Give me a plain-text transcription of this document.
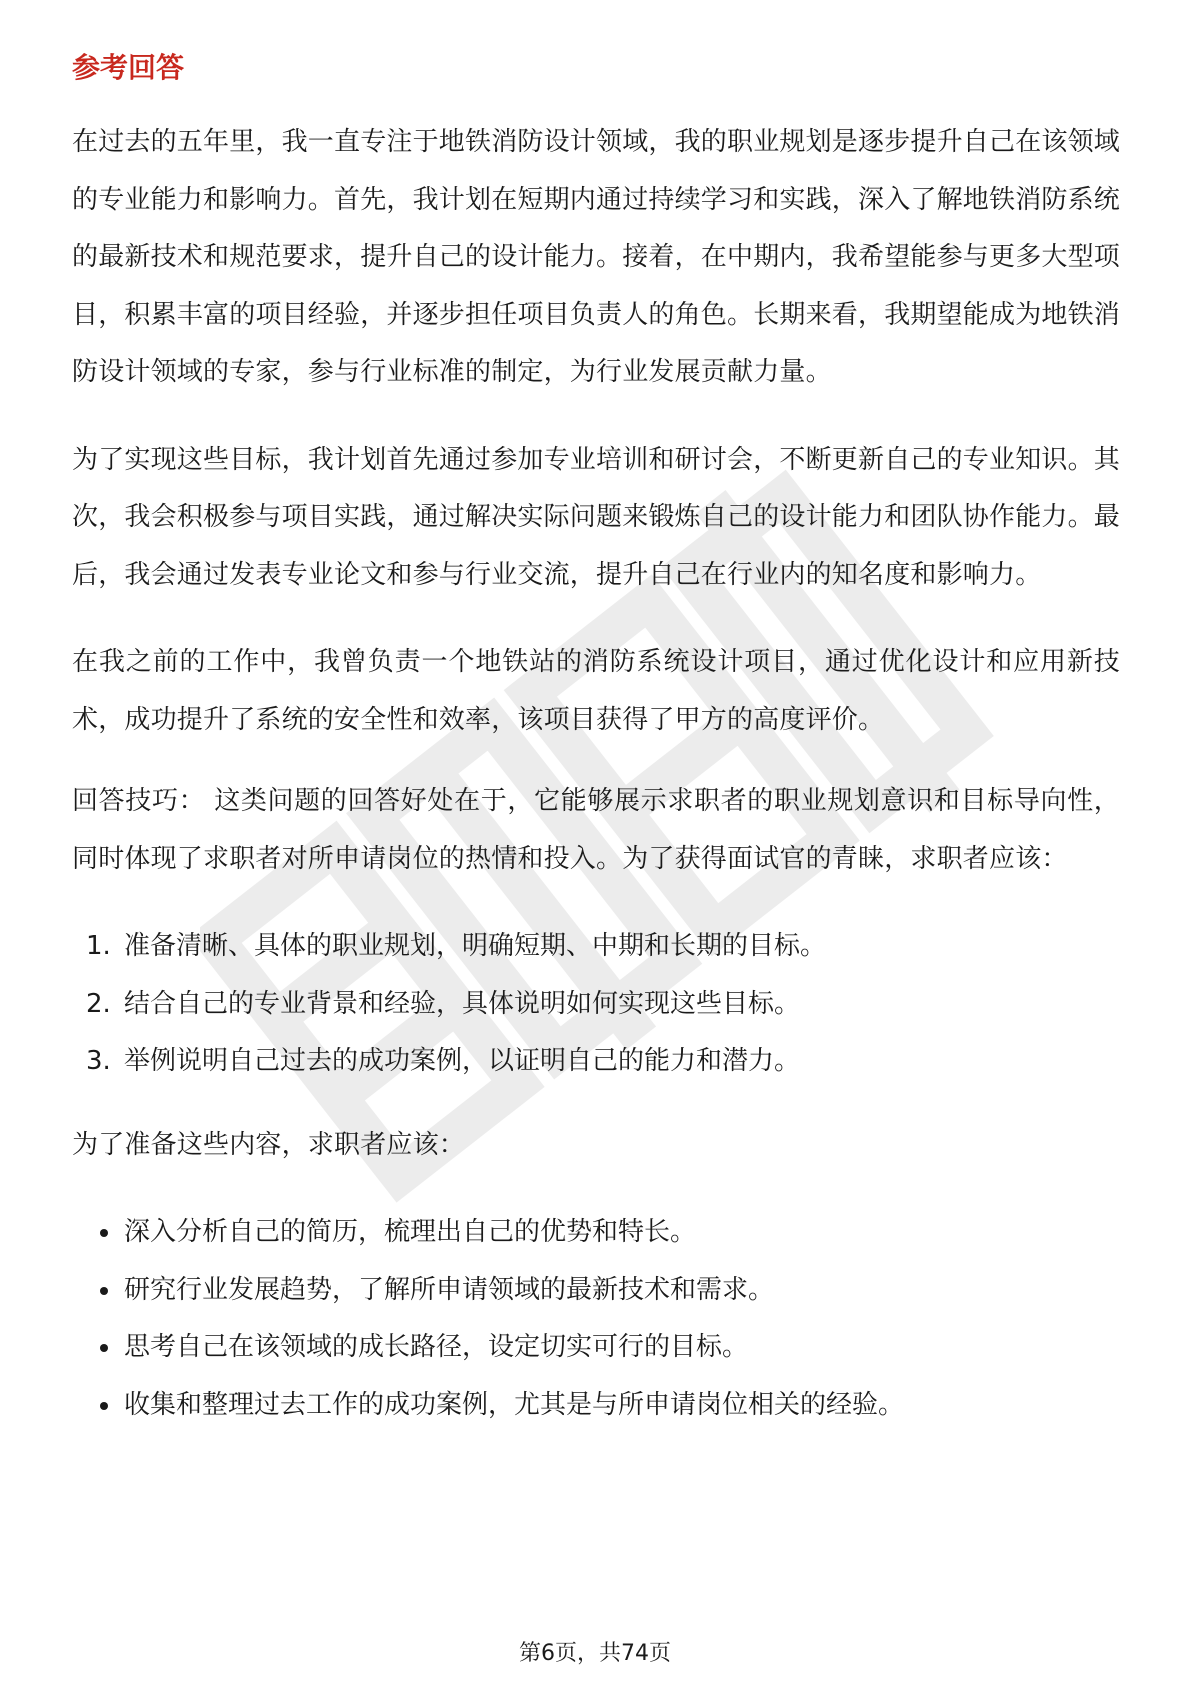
参考回答

在过去的五年里，我一直专注于地铁消防设计领域，我的职业规划是逐步提升自己在该领域的专业能力和影响力。首先，我计划在短期内通过持续学习和实践，深入了解地铁消防系统的最新技术和规范要求，提升自己的设计能力。接着，在中期内，我希望能参与更多大型项目，积累丰富的项目经验，并逐步担任项目负责人的角色。长期来看，我期望能成为地铁消防设计领域的专家，参与行业标准的制定，为行业发展贡献力量。

为了实现这些目标，我计划首先通过参加专业培训和研讨会，不断更新自己的专业知识。其次，我会积极参与项目实践，通过解决实际问题来锻炼自己的设计能力和团队协作能力。最后，我会通过发表专业论文和参与行业交流，提升自己在行业内的知名度和影响力。

在我之前的工作中，我曾负责一个地铁站的消防系统设计项目，通过优化设计和应用新技术，成功提升了系统的安全性和效率，该项目获得了甲方的高度评价。

回答技巧： 这类问题的回答好处在于，它能够展示求职者的职业规划意识和目标导向性，同时体现了求职者对所申请岗位的热情和投入。为了获得面试官的青睐，求职者应该：

1. 准备清晰、具体的职业规划，明确短期、中期和长期的目标。
2. 结合自己的专业背景和经验，具体说明如何实现这些目标。
3. 举例说明自己过去的成功案例，以证明自己的能力和潜力。

为了准备这些内容，求职者应该：

深入分析自己的简历，梳理出自己的优势和特长。
研究行业发展趋势，了解所申请领域的最新技术和需求。
思考自己在该领域的成长路径，设定切实可行的目标。
收集和整理过去工作的成功案例，尤其是与所申请岗位相关的经验。
第6页，共74页
